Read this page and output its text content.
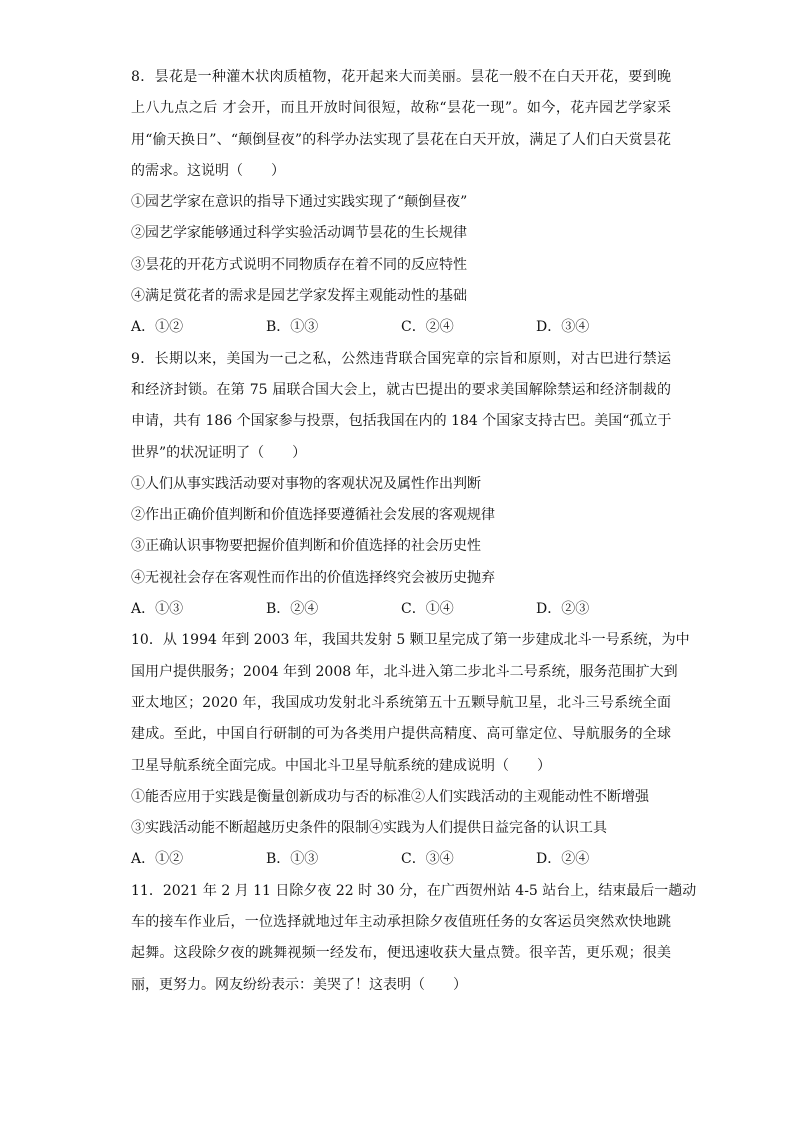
8．昙花是一种灌木状肉质植物，花开起来大而美丽。昙花一般不在白天开花，要到晚
上八九点之后 才会开，而且开放时间很短，故称“昙花一现”。如今，花卉园艺学家采
用“偷天换日”、“颠倒昼夜”的科学办法实现了昙花在白天开放，满足了人们白天赏昙花
的需求。这说明（　　）
①园艺学家在意识的指导下通过实践实现了“颠倒昼夜”
②园艺学家能够通过科学实验活动调节昙花的生长规律
③昙花的开花方式说明不同物质存在着不同的反应特性
④满足赏花者的需求是园艺学家发挥主观能动性的基础
A．①②	B．①③	C．②④	D．③④
9．长期以来，美国为一己之私，公然违背联合国宪章的宗旨和原则，对古巴进行禁运
和经济封锁。在第 75 届联合国大会上，就古巴提出的要求美国解除禁运和经济制裁的
申请，共有 186 个国家参与投票，包括我国在内的 184 个国家支持古巴。美国“孤立于
世界”的状况证明了（　　）
①人们从事实践活动要对事物的客观状况及属性作出判断
②作出正确价值判断和价值选择要遵循社会发展的客观规律
③正确认识事物要把握价值判断和价值选择的社会历史性
④无视社会存在客观性而作出的价值选择终究会被历史抛弃
A．①③	B．②④	C．①④	D．②③
10．从 1994 年到 2003 年，我国共发射 5 颗卫星完成了第一步建成北斗一号系统，为中
国用户提供服务；2004 年到 2008 年，北斗进入第二步北斗二号系统，服务范围扩大到
亚太地区；2020 年，我国成功发射北斗系统第五十五颗导航卫星，北斗三号系统全面
建成。至此，中国自行研制的可为各类用户提供高精度、高可靠定位、导航服务的全球
卫星导航系统全面完成。中国北斗卫星导航系统的建成说明（　　）
①能否应用于实践是衡量创新成功与否的标准②人们实践活动的主观能动性不断增强
③实践活动能不断超越历史条件的限制④实践为人们提供日益完备的认识工具
A．①②	B．①③	C．③④	D．②④
11．2021 年 2 月 11 日除夕夜 22 时 30 分，在广西贺州站 4-5 站台上，结束最后一趟动
车的接车作业后，一位选择就地过年主动承担除夕夜值班任务的女客运员突然欢快地跳
起舞。这段除夕夜的跳舞视频一经发布，便迅速收获大量点赞。很辛苦，更乐观；很美
丽，更努力。网友纷纷表示：美哭了！这表明（　　）
